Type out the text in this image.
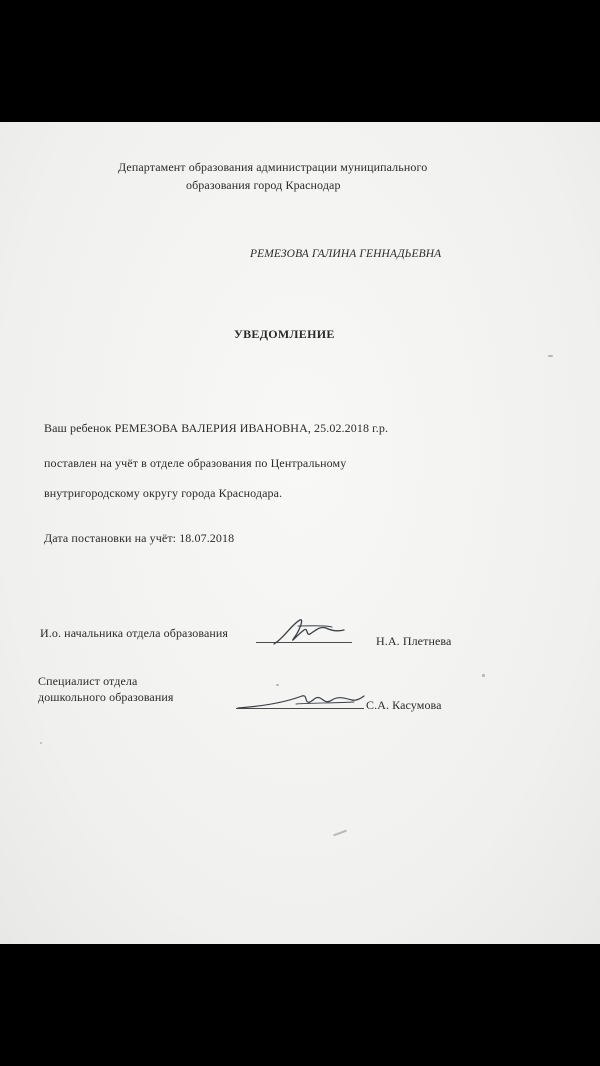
Департамент образования администрации муниципального
образования город Краснодар
РЕМЕЗОВА ГАЛИНА ГЕННАДЬЕВНА
УВЕДОМЛЕНИЕ
Ваш ребенок РЕМЕЗОВА ВАЛЕРИЯ ИВАНОВНА, 25.02.2018 г.р.
поставлен на учёт в отделе образования по Центральному
внутригородскому округу города Краснодара.
Дата постановки на учёт: 18.07.2018
И.о. начальника отдела образования
Н.А. Плетнева
Специалист отдела
дошкольного образования
С.А. Касумова
